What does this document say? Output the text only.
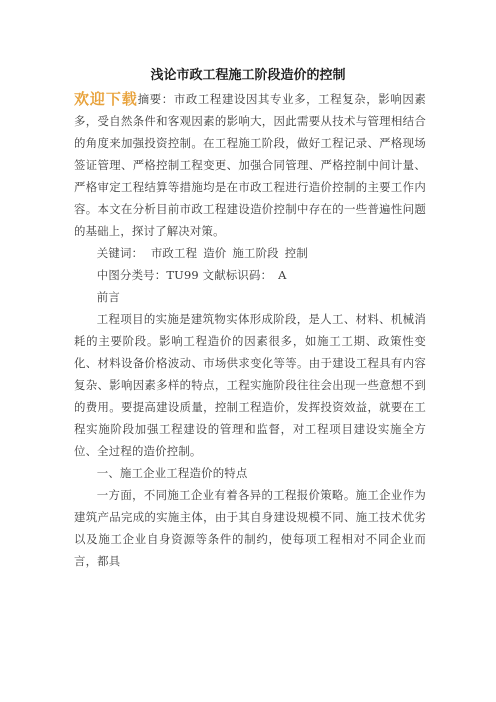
浅论市政工程施工阶段造价的控制

欢迎下载摘要：市政工程建设因其专业多，工程复杂，影响因素多，受自然条件和客观因素的影响大，因此需要从技术与管理相结合的角度来加强投资控制。在工程施工阶段，做好工程记录、严格现场签证管理、严格控制工程变更、加强合同管理、严格控制中间计量、严格审定工程结算等措施均是在市政工程进行造价控制的主要工作内容。本文在分析目前市政工程建设造价控制中存在的一些普遍性问题的基础上，探讨了解决对策。

关键词： 市政工程 造价 施工阶段 控制

中图分类号：TU99 文献标识码：　A

前言

工程项目的实施是建筑物实体形成阶段，是人工、材料、机械消耗的主要阶段。影响工程造价的因素很多，如施工工期、政策性变化、材料设备价格波动、市场供求变化等等。由于建设工程具有内容复杂、影响因素多样的特点，工程实施阶段往往会出现一些意想不到的费用。要提高建设质量，控制工程造价，发挥投资效益，就要在工程实施阶段加强工程建设的管理和监督，对工程项目建设实施全方位、全过程的造价控制。

一、施工企业工程造价的特点

一方面，不同施工企业有着各异的工程报价策略。施工企业作为建筑产品完成的实施主体，由于其自身建设规模不同、施工技术优劣以及施工企业自身资源等条件的制约，使每项工程相对不同企业而言，都具
